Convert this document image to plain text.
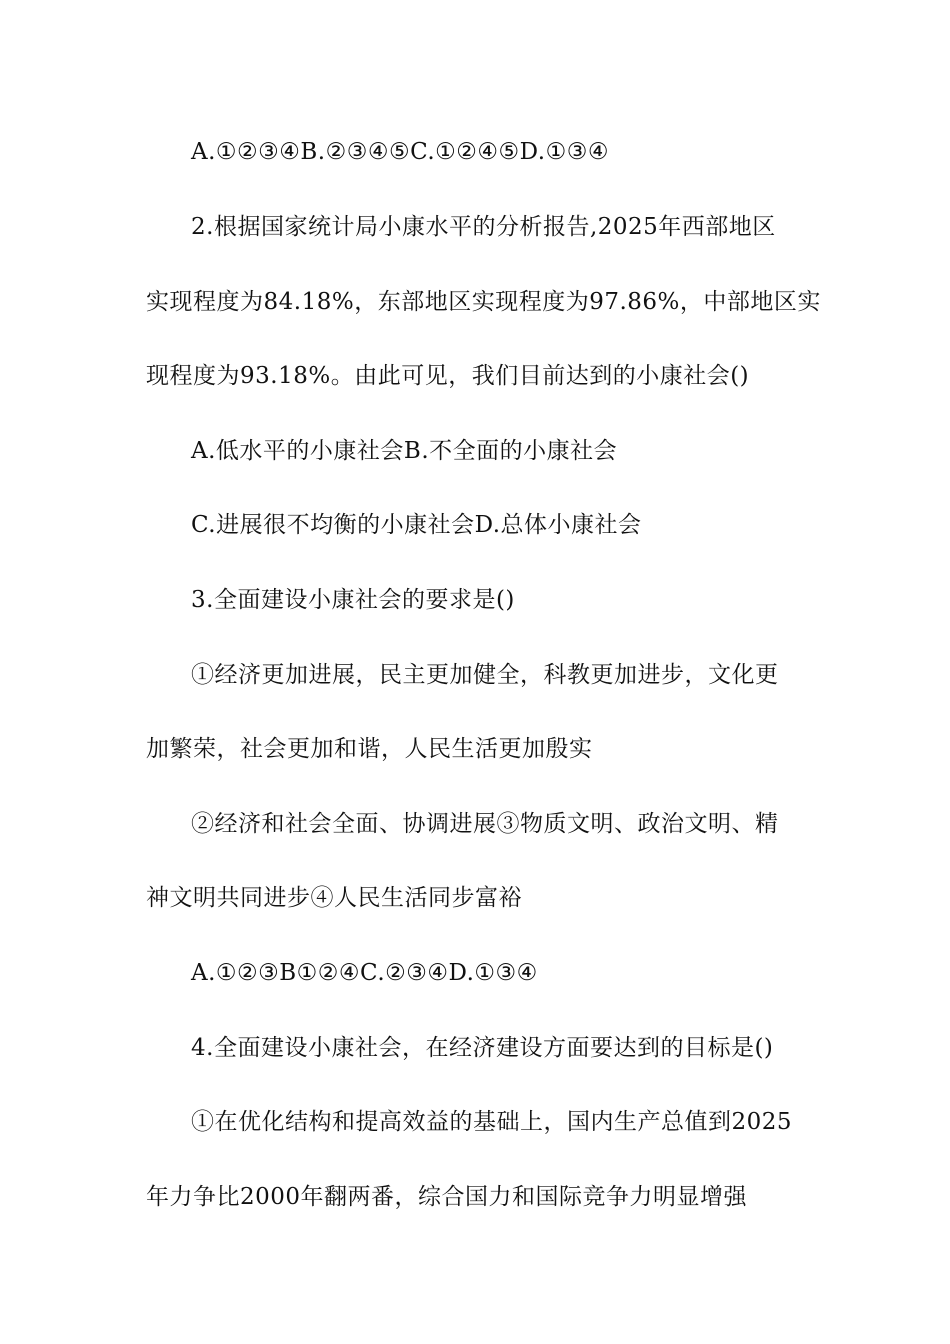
A.①②③④B.②③④⑤C.①②④⑤D.①③④
2.根据国家统计局小康水平的分析报告,2025年西部地区
实现程度为84.18%，东部地区实现程度为97.86%，中部地区实
现程度为93.18%。由此可见，我们目前达到的小康社会()
A.低水平的小康社会B.不全面的小康社会
C.进展很不均衡的小康社会D.总体小康社会
3.全面建设小康社会的要求是()
①经济更加进展，民主更加健全，科教更加进步，文化更
加繁荣，社会更加和谐，人民生活更加殷实
②经济和社会全面、协调进展③物质文明、政治文明、精
神文明共同进步④人民生活同步富裕
A.①②③B①②④C.②③④D.①③④
4.全面建设小康社会，在经济建设方面要达到的目标是()
①在优化结构和提高效益的基础上，国内生产总值到2025
年力争比2000年翻两番，综合国力和国际竞争力明显增强
